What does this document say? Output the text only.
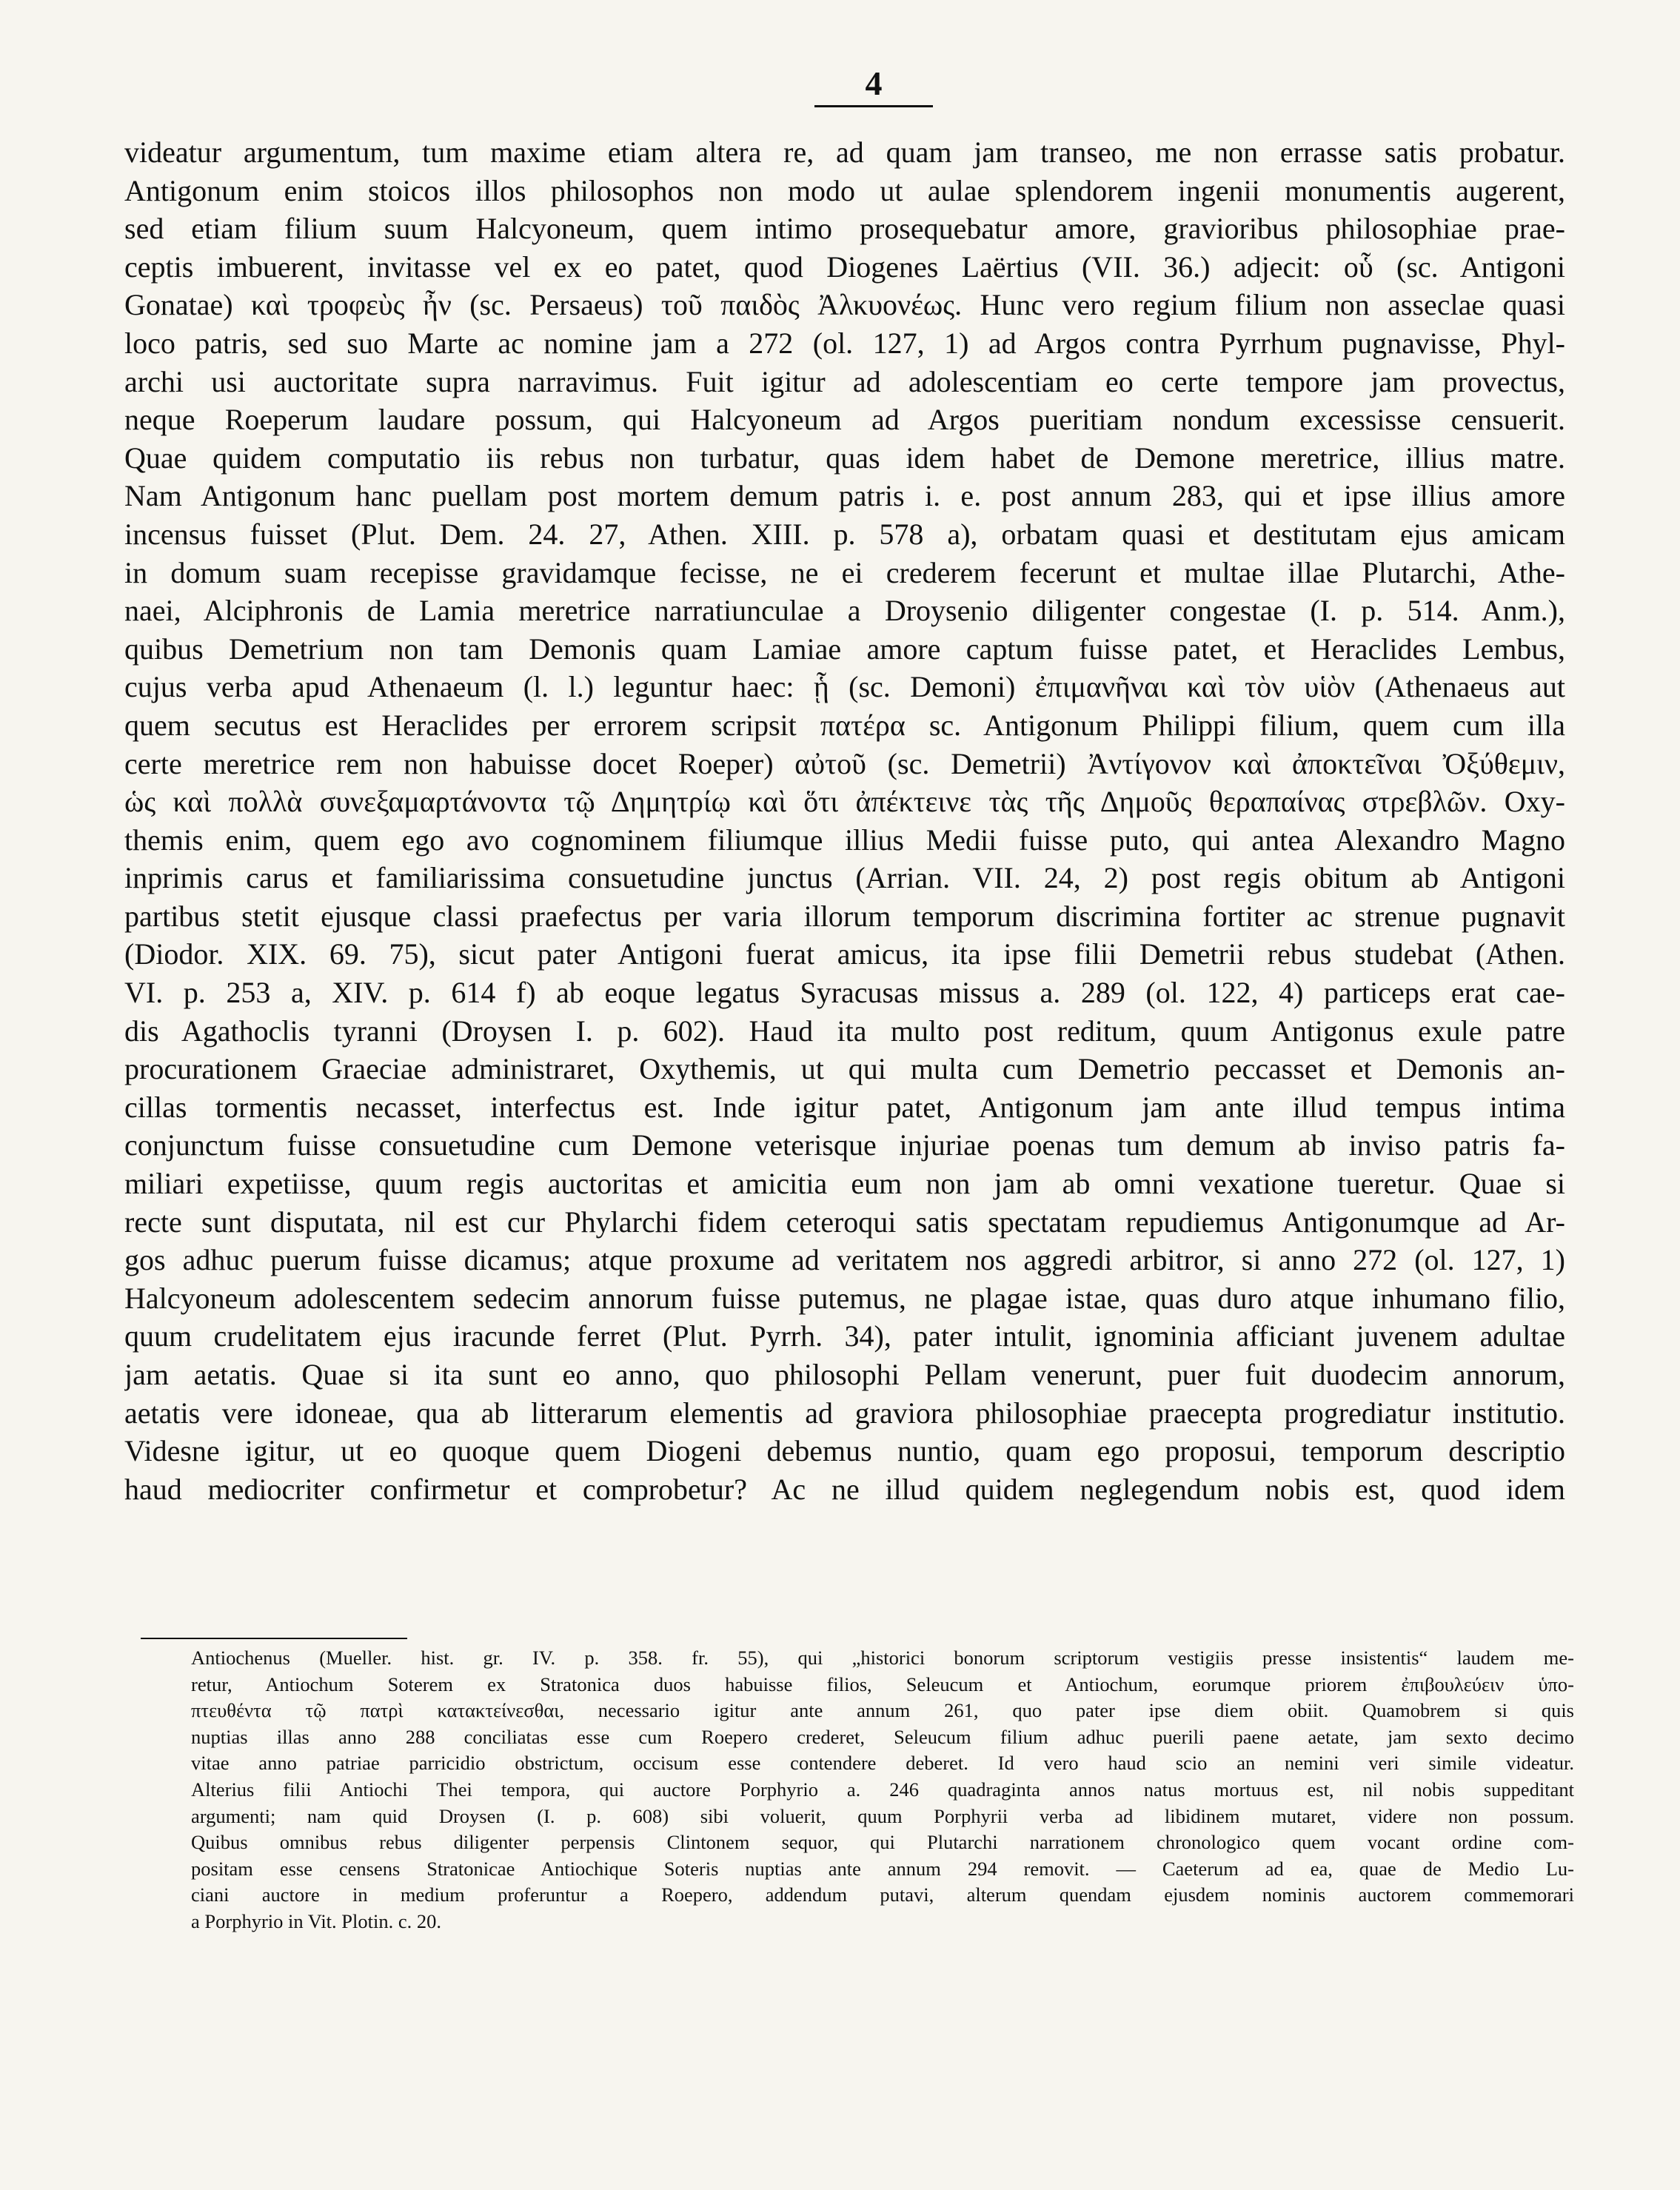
4
videatur argumentum, tum maxime etiam altera re, ad quam jam transeo, me non errasse satis probatur.
Antigonum enim stoicos illos philosophos non modo ut aulae splendorem ingenii monumentis augerent,
sed etiam filium suum Halcyoneum, quem intimo prosequebatur amore, gravioribus philosophiae prae-
ceptis imbuerent, invitasse vel ex eo patet, quod Diogenes Laërtius (VII. 36.) adjecit: οὗ (sc. Antigoni
Gonatae) καὶ τροφεὺς ἦν (sc. Persaeus) τοῦ παιδὸς Ἀλκυονέως. Hunc vero regium filium non asseclae quasi
loco patris, sed suo Marte ac nomine jam a 272 (ol. 127, 1) ad Argos contra Pyrrhum pugnavisse, Phyl-
archi usi auctoritate supra narravimus. Fuit igitur ad adolescentiam eo certe tempore jam provectus,
neque Roeperum laudare possum, qui Halcyoneum ad Argos pueritiam nondum excessisse censuerit.
Quae quidem computatio iis rebus non turbatur, quas idem habet de Demone meretrice, illius matre.
Nam Antigonum hanc puellam post mortem demum patris i. e. post annum 283, qui et ipse illius amore
incensus fuisset (Plut. Dem. 24. 27, Athen. XIII. p. 578 a), orbatam quasi et destitutam ejus amicam
in domum suam recepisse gravidamque fecisse, ne ei crederem fecerunt et multae illae Plutarchi, Athe-
naei, Alciphronis de Lamia meretrice narratiunculae a Droysenio diligenter congestae (I. p. 514. Anm.),
quibus Demetrium non tam Demonis quam Lamiae amore captum fuisse patet, et Heraclides Lembus,
cujus verba apud Athenaeum (l. l.) leguntur haec: ᾗ (sc. Demoni) ἐπιμανῆναι καὶ τὸν υἱὸν (Athenaeus aut
quem secutus est Heraclides per errorem scripsit πατέρα sc. Antigonum Philippi filium, quem cum illa
certe meretrice rem non habuisse docet Roeper) αὐτοῦ (sc. Demetrii) Ἀντίγονον καὶ ἀποκτεῖναι Ὀξύθεμιν,
ὡς καὶ πολλὰ συνεξαμαρτάνοντα τῷ Δημητρίῳ καὶ ὅτι ἀπέκτεινε τὰς τῆς Δημοῦς θεραπαίνας στρεβλῶν. Oxy-
themis enim, quem ego avo cognominem filiumque illius Medii fuisse puto, qui antea Alexandro Magno
inprimis carus et familiarissima consuetudine junctus (Arrian. VII. 24, 2) post regis obitum ab Antigoni
partibus stetit ejusque classi praefectus per varia illorum temporum discrimina fortiter ac strenue pugnavit
(Diodor. XIX. 69. 75), sicut pater Antigoni fuerat amicus, ita ipse filii Demetrii rebus studebat (Athen.
VI. p. 253 a, XIV. p. 614 f) ab eoque legatus Syracusas missus a. 289 (ol. 122, 4) particeps erat cae-
dis Agathoclis tyranni (Droysen I. p. 602). Haud ita multo post reditum, quum Antigonus exule patre
procurationem Graeciae administraret, Oxythemis, ut qui multa cum Demetrio peccasset et Demonis an-
cillas tormentis necasset, interfectus est. Inde igitur patet, Antigonum jam ante illud tempus intima
conjunctum fuisse consuetudine cum Demone veterisque injuriae poenas tum demum ab inviso patris fa-
miliari expetiisse, quum regis auctoritas et amicitia eum non jam ab omni vexatione tueretur. Quae si
recte sunt disputata, nil est cur Phylarchi fidem ceteroqui satis spectatam repudiemus Antigonumque ad Ar-
gos adhuc puerum fuisse dicamus; atque proxume ad veritatem nos aggredi arbitror, si anno 272 (ol. 127, 1)
Halcyoneum adolescentem sedecim annorum fuisse putemus, ne plagae istae, quas duro atque inhumano filio,
quum crudelitatem ejus iracunde ferret (Plut. Pyrrh. 34), pater intulit, ignominia afficiant juvenem adultae
jam aetatis. Quae si ita sunt eo anno, quo philosophi Pellam venerunt, puer fuit duodecim annorum,
aetatis vere idoneae, qua ab litterarum elementis ad graviora philosophiae praecepta progrediatur institutio.
Videsne igitur, ut eo quoque quem Diogeni debemus nuntio, quam ego proposui, temporum descriptio
haud mediocriter confirmetur et comprobetur? Ac ne illud quidem neglegendum nobis est, quod idem
Antiochenus (Mueller. hist. gr. IV. p. 358. fr. 55), qui „historici bonorum scriptorum vestigiis presse insistentis“ laudem me-
retur, Antiochum Soterem ex Stratonica duos habuisse filios, Seleucum et Antiochum, eorumque priorem ἐπιβουλεύειν ὑπο-
πτευθέντα τῷ πατρὶ κατακτείνεσθαι, necessario igitur ante annum 261, quo pater ipse diem obiit. Quamobrem si quis
nuptias illas anno 288 conciliatas esse cum Roepero crederet, Seleucum filium adhuc puerili paene aetate, jam sexto decimo
vitae anno patriae parricidio obstrictum, occisum esse contendere deberet. Id vero haud scio an nemini veri simile videatur.
Alterius filii Antiochi Thei tempora, qui auctore Porphyrio a. 246 quadraginta annos natus mortuus est, nil nobis suppeditant
argumenti; nam quid Droysen (I. p. 608) sibi voluerit, quum Porphyrii verba ad libidinem mutaret, videre non possum.
Quibus omnibus rebus diligenter perpensis Clintonem sequor, qui Plutarchi narrationem chronologico quem vocant ordine com-
positam esse censens Stratonicae Antiochique Soteris nuptias ante annum 294 removit. — Caeterum ad ea, quae de Medio Lu-
ciani auctore in medium proferuntur a Roepero, addendum putavi, alterum quendam ejusdem nominis auctorem commemorari
a Porphyrio in Vit. Plotin. c. 20.
